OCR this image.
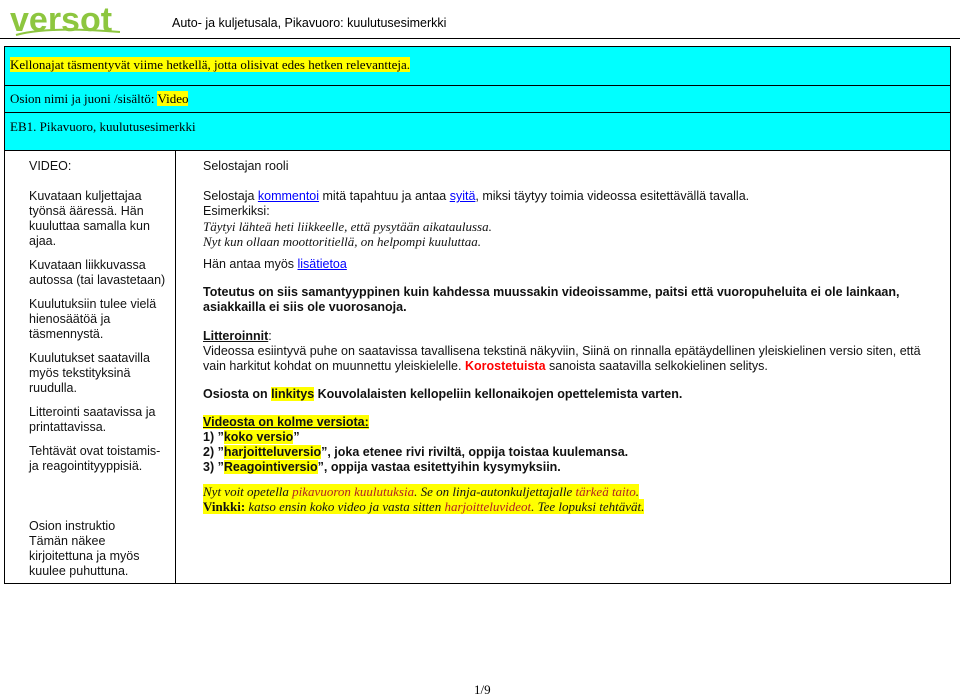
versot	Auto- ja kuljetusala, Pikavuoro: kuulutusesimerkki
Kellonajat täsmentyvät viime hetkellä, jotta olisivat edes hetken relevantteja.

Osion nimi ja juoni /sisältö: Video

EB1. Pikavuoro, kuulutusesimerkki

VIDEO:

Kuvataan kuljettajaa työnsä ääressä. Hän kuuluttaa samalla kun ajaa.

Kuvataan liikkuvassa autossa (tai lavastetaan)

Kuulutuksiin tulee vielä hienosäätöä ja täsmennystä.

Kuulutukset saatavilla myös tekstityksinä ruudulla.

Litterointi saatavissa ja printattavissa.

Tehtävät ovat toistamis- ja reagointityyppisiä.

Osion instruktio

Tämän näkee kirjoitettuna ja myös kuulee puhuttuna.

Selostajan rooli

Selostaja kommentoi mitä tapahtuu ja antaa syitä, miksi täytyy toimia videossa esitettävällä tavalla.

Esimerkiksi:

Täytyi lähteä heti liikkeelle, että pysytään aikataulussa.

Nyt kun ollaan moottoritiellä, on helpompi kuuluttaa.

Hän antaa myös lisätietoa

Toteutus on siis samantyyppinen kuin kahdessa muussakin videoissamme, paitsi että vuoropuheluita ei ole lainkaan, asiakkailla ei siis ole vuorosanoja.

Litteroinnit:
Videossa esiintyvä puhe on saatavissa tavallisena tekstinä näkyviin, Siinä on rinnalla epätäydellinen yleiskielinen versio siten, että vain harkitut kohdat on muunnettu yleiskielelle. Korostetuista sanoista saatavilla selkokielinen selitys.

Osiosta on linkitys Kouvolalaisten kellopeliin kellonaikojen opettelemista varten.

Videosta on kolme versiota:

1) ”koko versio”

2) ”harjoitteluversio”, joka etenee rivi riviltä, oppija toistaa kuulemansa.

3) ”Reagointiversio”, oppija vastaa esitettyihin kysymyksiin.

Nyt voit opetella pikavuoron kuulutuksia. Se on linja-autonkuljettajalle tärkeä taito.
Vinkki: katso ensin koko video ja vasta sitten harjoitteluvideot. Tee lopuksi tehtävät.

1/9
